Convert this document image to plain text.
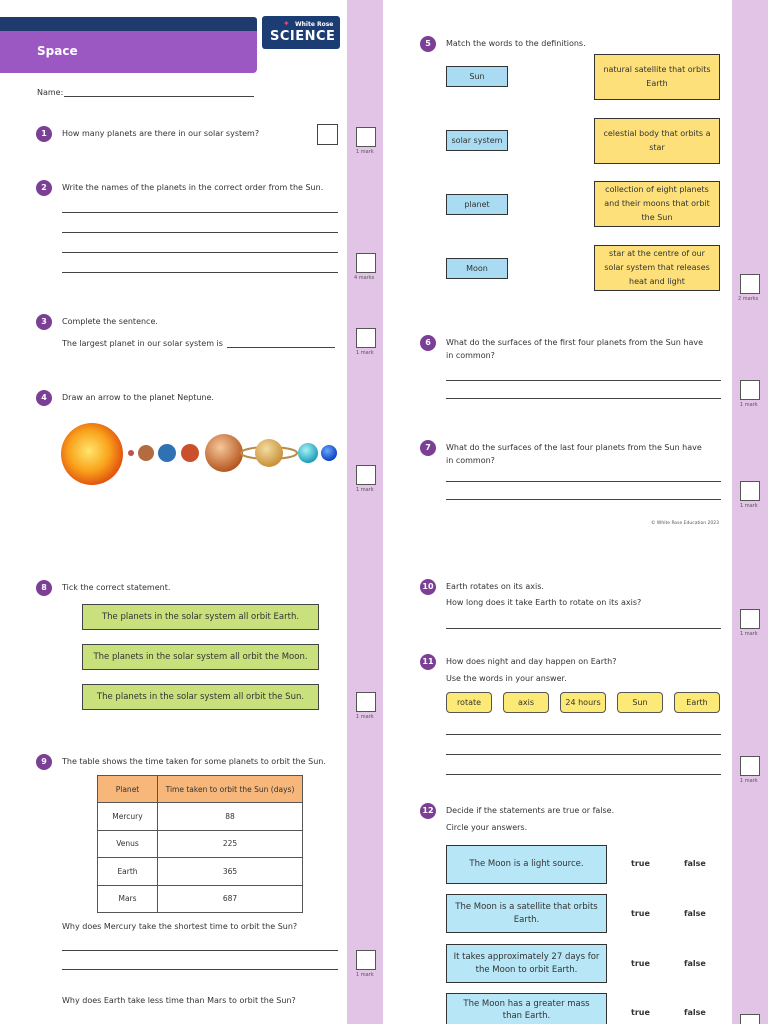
Space
✦ White Rose
SCIENCE
Name:
1	How many planets are there in our solar system?
1 mark
2	Write the names of the planets in the correct order from the Sun.
4 marks
3	Complete the sentence.
The largest planet in our solar system is
1 mark
4	Draw an arrow to the planet Neptune.
1 mark
5	Match the words to the definitions.
Sun
solar system
planet
Moon
natural satellite that orbits Earth
celestial body that orbits a star
collection of eight planets and their moons that orbit the Sun
star at the centre of our solar system that releases heat and light
2 marks
6	What do the surfaces of the first four planets from the Sun have
in common?
1 mark
7	What do the surfaces of the last four planets from the Sun have
in common?
1 mark
© White Rose Education 2023
8	Tick the correct statement.
The planets in the solar system all orbit Earth.
The planets in the solar system all orbit the Moon.
The planets in the solar system all orbit the Sun.
1 mark
9	The table shows the time taken for some planets to orbit the Sun.
Planet	Time taken to orbit the Sun (days)
Mercury	88
Venus	225
Earth	365
Mars	687
Why does Mercury take the shortest time to orbit the Sun?
1 mark
Why does Earth take less time than Mars to orbit the Sun?
10	Earth rotates on its axis.
How long does it take Earth to rotate on its axis?
1 mark
11	How does night and day happen on Earth?
Use the words in your answer.
rotate	axis	24 hours	Sun	Earth
1 mark
12	Decide if the statements are true or false.
Circle your answers.
The Moon is a light source.	true	false
The Moon is a satellite that orbits Earth.
true	false
It takes approximately 27 days for the Moon to orbit Earth.
true	false
The Moon has a greater mass than Earth.	true	false
